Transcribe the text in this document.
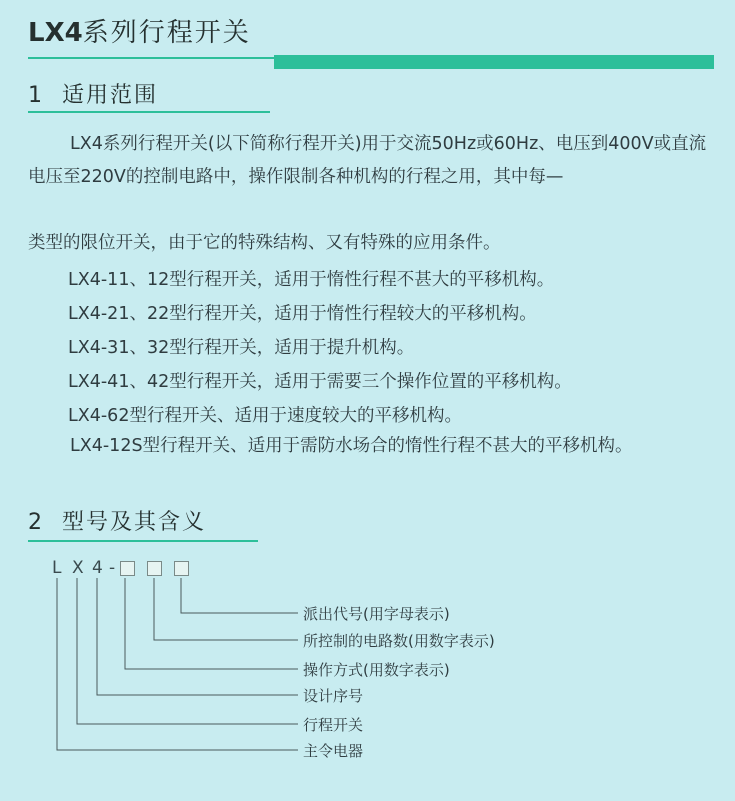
LX4系列行程开关
1 适用范围

LX4系列行程开关(以下简称行程开关)用于交流50Hz或60Hz、电压到400V或直流电压至220V的控制电路中，操作限制各种机构的行程之用，其中每—

类型的限位开关，由于它的特殊结构、又有特殊的应用条件。

LX4-11、12型行程开关，适用于惰性行程不甚大的平移机构。

LX4-21、22型行程开关，适用于惰性行程较大的平移机构。

LX4-31、32型行程开关，适用于提升机构。

LX4-41、42型行程开关，适用于需要三个操作位置的平移机构。

LX4-62型行程开关、适用于速度较大的平移机构。

LX4-12S型行程开关、适用于需防水场合的惰性行程不甚大的平移机构。

2 型号及其含义
L X 4 -
派出代号(用字母表示)
所控制的电路数(用数字表示)
操作方式(用数字表示)
设计序号
行程开关
主令电器
